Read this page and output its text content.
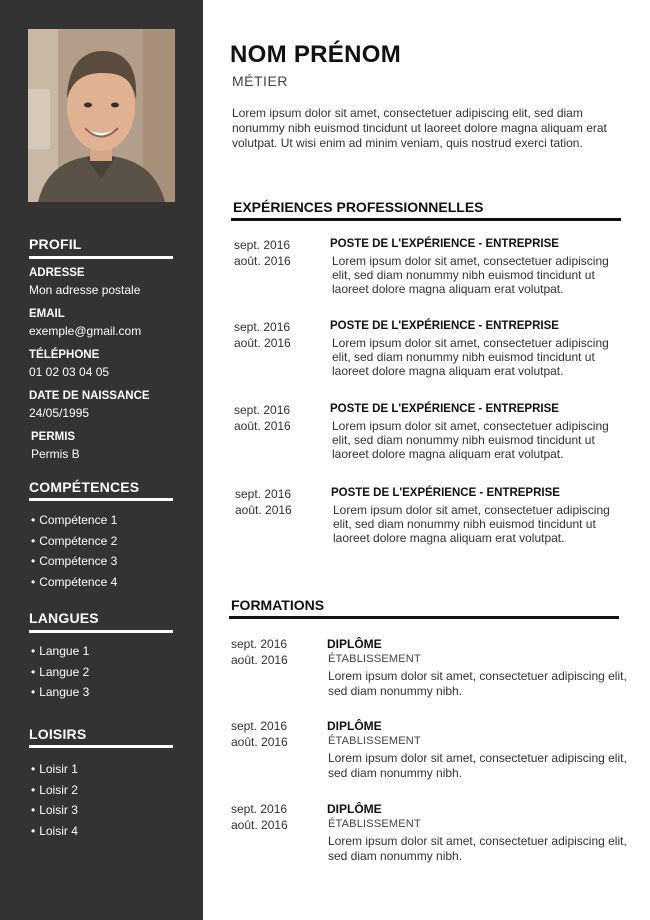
PROFIL
ADRESSE
Mon adresse postale
EMAIL
exemple@gmail.com
TÉLÉPHONE
01 02 03 04 05
DATE DE NAISSANCE
24/05/1995
PERMIS
Permis B
COMPÉTENCES
• Compétence 1
• Compétence 2
• Compétence 3
• Compétence 4
LANGUES
• Langue 1
• Langue 2
• Langue 3
LOISIRS
• Loisir 1
• Loisir 2
• Loisir 3
• Loisir 4
NOM PRÉNOM
MÉTIER
Lorem ipsum dolor sit amet, consectetuer adipiscing elit, sed diam nonummy nibh euismod tincidunt ut laoreet dolore magna aliquam erat volutpat. Ut wisi enim ad minim veniam, quis nostrud exerci tation.
EXPÉRIENCES PROFESSIONNELLES
sept. 2016
août. 2016
POSTE DE L'EXPÉRIENCE - ENTREPRISE
Lorem ipsum dolor sit amet, consectetuer adipiscing elit, sed diam nonummy nibh euismod tincidunt ut laoreet dolore magna aliquam erat volutpat.
sept. 2016
août. 2016
POSTE DE L'EXPÉRIENCE - ENTREPRISE
Lorem ipsum dolor sit amet, consectetuer adipiscing elit, sed diam nonummy nibh euismod tincidunt ut laoreet dolore magna aliquam erat volutpat.
sept. 2016
août. 2016
POSTE DE L'EXPÉRIENCE - ENTREPRISE
Lorem ipsum dolor sit amet, consectetuer adipiscing elit, sed diam nonummy nibh euismod tincidunt ut laoreet dolore magna aliquam erat volutpat.
sept. 2016
août. 2016
POSTE DE L'EXPÉRIENCE - ENTREPRISE
Lorem ipsum dolor sit amet, consectetuer adipiscing elit, sed diam nonummy nibh euismod tincidunt ut laoreet dolore magna aliquam erat volutpat.
FORMATIONS
sept. 2016
août. 2016
DIPLÔME
ÉTABLISSEMENT
Lorem ipsum dolor sit amet, consectetuer adipiscing elit, sed diam nonummy nibh.
sept. 2016
août. 2016
DIPLÔME
ÉTABLISSEMENT
Lorem ipsum dolor sit amet, consectetuer adipiscing elit, sed diam nonummy nibh.
sept. 2016
août. 2016
DIPLÔME
ÉTABLISSEMENT
Lorem ipsum dolor sit amet, consectetuer adipiscing elit, sed diam nonummy nibh.
